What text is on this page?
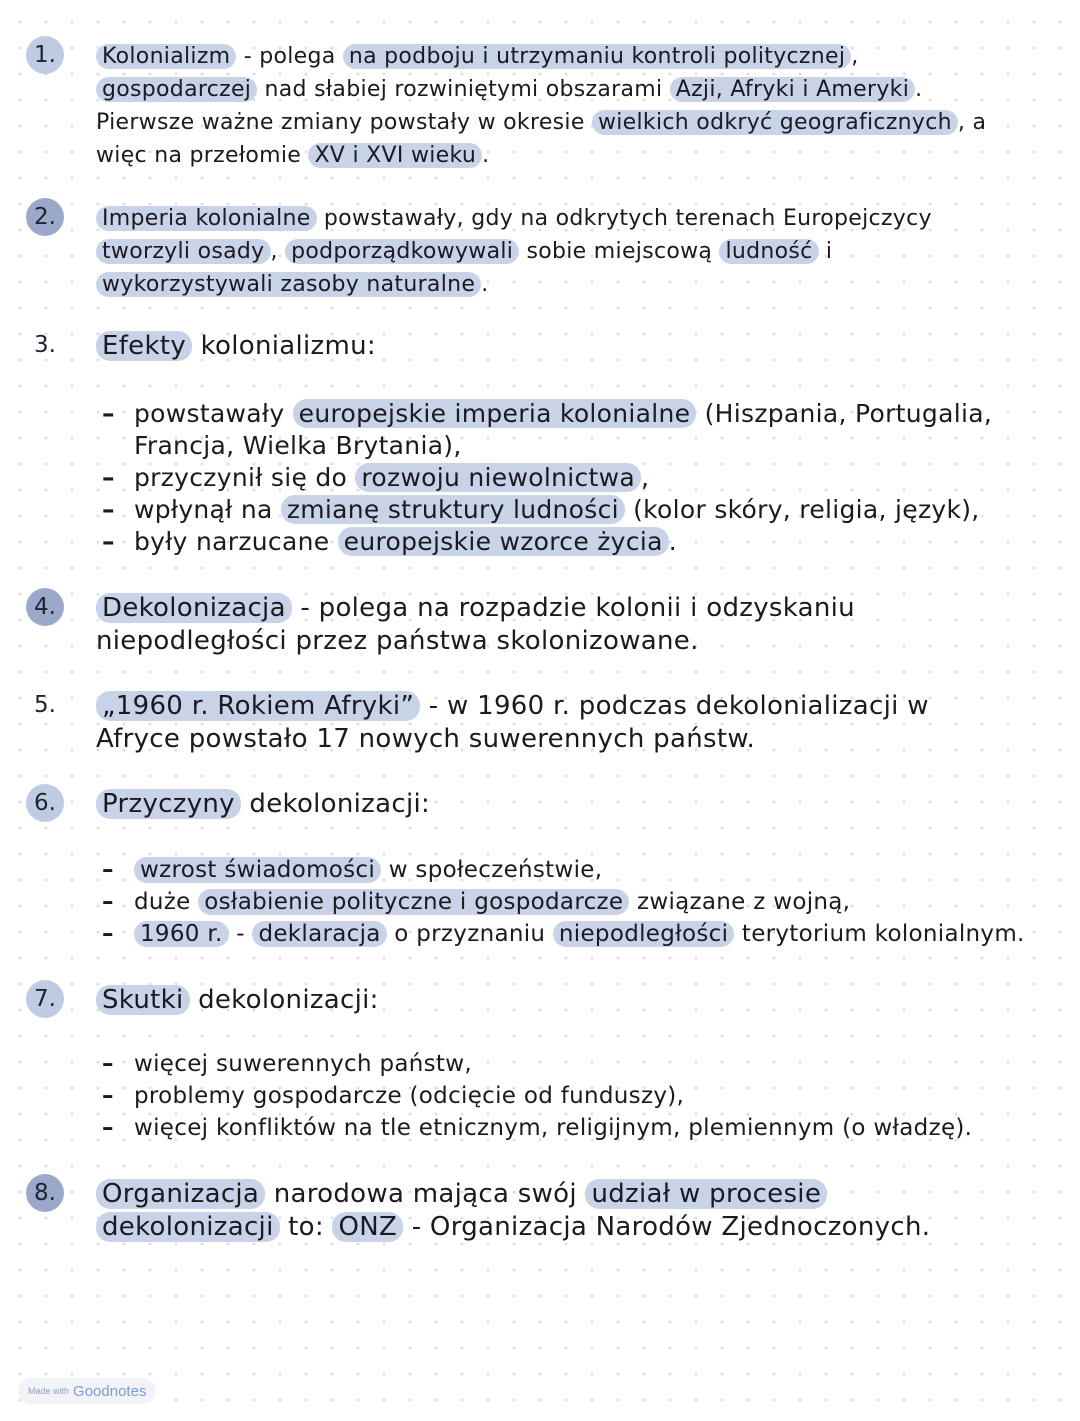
1.	Kolonializm - polega na podboju i utrzymaniu kontroli politycznej , gospodarczej nad słabiej rozwiniętymi obszarami Azji, Afryki i Ameryki . Pierwsze ważne zmiany powstały w okresie wielkich odkryć geograficznych , a więc na przełomie XV i XVI wieku .
2.	Imperia kolonialne powstawały, gdy na odkrytych terenach Europejczycy tworzyli osady , podporządkowywali sobie miejscową ludność i wykorzystywali zasoby naturalne .
3.	Efekty kolonializmu:
– powstawały europejskie imperia kolonialne (Hiszpania, Portugalia, Francja, Wielka Brytania),
– przyczynił się do rozwoju niewolnictwa ,
– wpłynął na zmianę struktury ludności (kolor skóry, religia, język),
– były narzucane europejskie wzorce życia .
4.	Dekolonizacja - polega na rozpadzie kolonii i odzyskaniu niepodległości przez państwa skolonizowane.
5.	„1960 r. Rokiem Afryki” - w 1960 r. podczas dekolonializacji w Afryce powstało 17 nowych suwerennych państw.
6.	Przyczyny dekolonizacji:
– wzrost świadomości w społeczeństwie,
– duże osłabienie polityczne i gospodarcze związane z wojną,
– 1960 r. - deklaracja o przyznaniu niepodległości terytorium kolonialnym.
7.	Skutki dekolonizacji:
– więcej suwerennych państw,
– problemy gospodarcze (odcięcie od funduszy),
– więcej konfliktów na tle etnicznym, religijnym, plemiennym (o władzę).
8.	Organizacja narodowa mająca swój udział w procesie dekolonizacji to: ONZ - Organizacja Narodów Zjednoczonych.
Made with Goodnotes
